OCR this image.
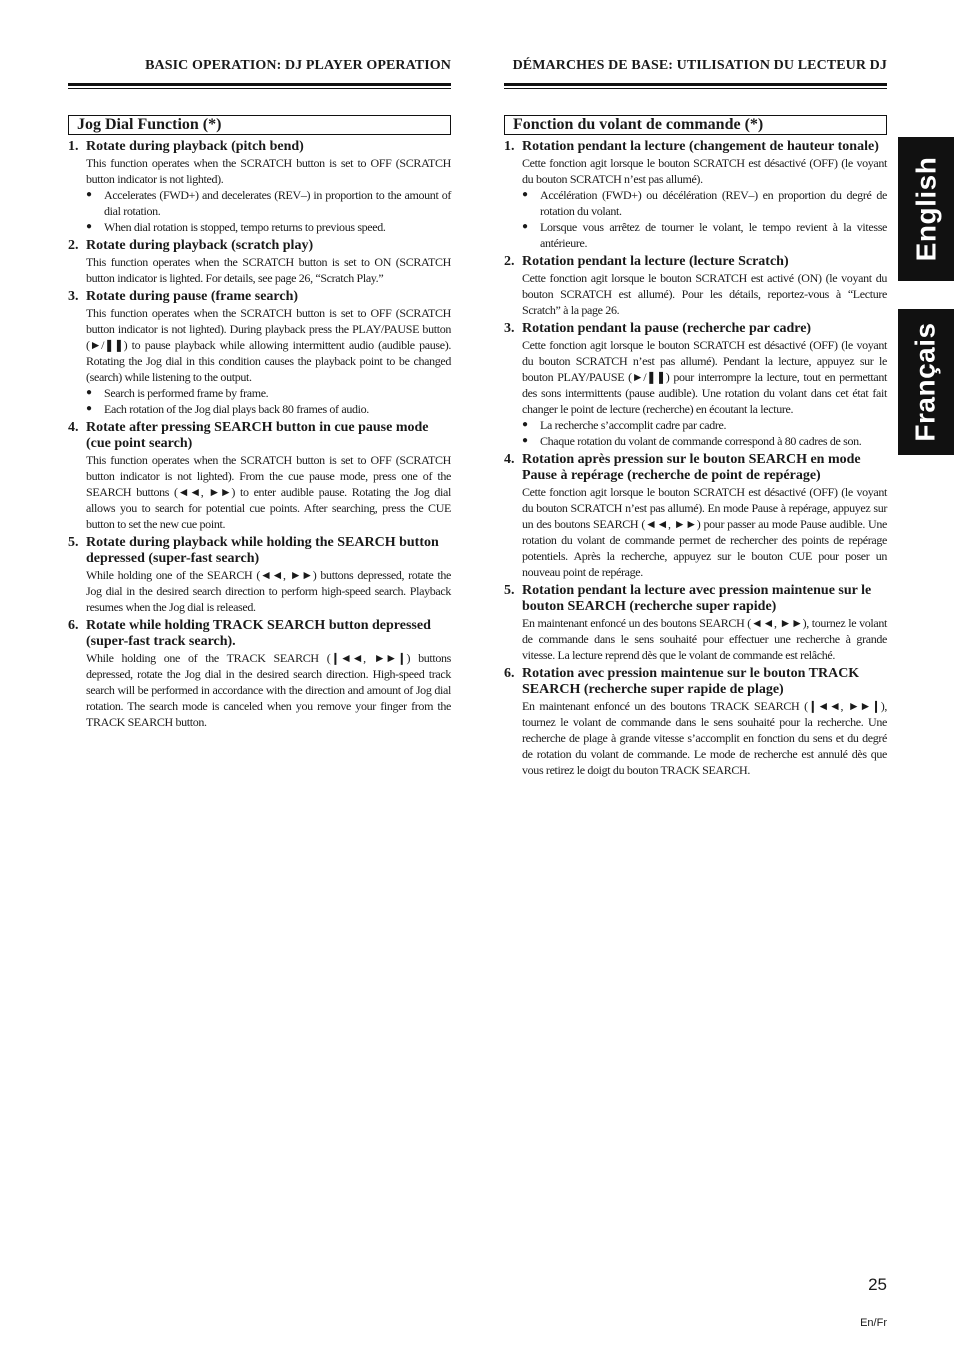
BASIC OPERATION: DJ PLAYER OPERATION
Jog Dial Function (*)
1. Rotate during playback (pitch bend)
This function operates when the SCRATCH button is set to OFF (SCRATCH button indicator is not lighted).
●	Accelerates (FWD+) and decelerates (REV–) in proportion to the amount of dial rotation.
●	When dial rotation is stopped, tempo returns to previous speed.
2. Rotate during playback (scratch play)
This function operates when the SCRATCH button is set to ON (SCRATCH button indicator is lighted. For details, see page 26, “Scratch Play.”
3. Rotate during pause (frame search)
This function operates when the SCRATCH button is set to OFF (SCRATCH button indicator is not lighted). During playback press the PLAY/PAUSE button (►/❚❚) to pause playback while allowing intermittent audio (audible pause). Rotating the Jog dial in this condition causes the playback point to be changed (search) while listening to the output.
●	Search is performed frame by frame.
●	Each rotation of the Jog dial plays back 80 frames of audio.
4. Rotate after pressing SEARCH button in cue pause mode (cue point search)
This function operates when the SCRATCH button is set to OFF (SCRATCH button indicator is not lighted). From the cue pause mode, press one of the SEARCH buttons (◄◄, ►►) to enter audible pause. Rotating the Jog dial allows you to search for potential cue points. After searching, press the CUE button to set the new cue point.
5. Rotate during playback while holding the SEARCH button depressed (super-fast search)
While holding one of the SEARCH (◄◄, ►►) buttons depressed, rotate the Jog dial in the desired search direction to perform high-speed search. Playback resumes when the Jog dial is released.
6. Rotate while holding TRACK SEARCH button depressed (super-fast track search).
While holding one of the TRACK SEARCH (❙◄◄, ►►❙) buttons depressed, rotate the Jog dial in the desired search direction. High-speed track search will be performed in accordance with the direction and amount of Jog dial rotation. The search mode is canceled when you remove your finger from the TRACK SEARCH button.
DÉMARCHES DE BASE: UTILISATION DU LECTEUR DJ
Fonction du volant de commande (*)
1. Rotation pendant la lecture (changement de hauteur tonale)
Cette fonction agit lorsque le bouton SCRATCH est désactivé (OFF) (le voyant du bouton SCRATCH n’est pas allumé).
●	Accélération (FWD+) ou décélération (REV–) en proportion du degré de rotation du volant.
●	Lorsque vous arrêtez de tourner le volant, le tempo revient à la vitesse antérieure.
2. Rotation pendant la lecture (lecture Scratch)
Cette fonction agit lorsque le bouton SCRATCH est activé (ON) (le voyant du bouton SCRATCH est allumé). Pour les détails, reportez-vous à “Lecture Scratch” à la page 26.
3. Rotation pendant la pause (recherche par cadre)
Cette fonction agit lorsque le bouton SCRATCH est désactivé (OFF) (le voyant du bouton SCRATCH n’est pas allumé). Pendant la lecture, appuyez sur le bouton PLAY/PAUSE (►/❚❚) pour interrompre la lecture, tout en permettant des sons intermittents (pause audible). Une rotation du volant dans cet état fait changer le point de lecture (recherche) en écoutant la lecture.
●	La recherche s’accomplit cadre par cadre.
●	Chaque rotation du volant de commande correspond à 80 cadres de son.
4. Rotation après pression sur le bouton SEARCH en mode Pause à repérage (recherche de point de repérage)
Cette fonction agit lorsque le bouton SCRATCH est désactivé (OFF) (le voyant du bouton SCRATCH n’est pas allumé). En mode Pause à repérage, appuyez sur un des boutons SEARCH (◄◄, ►►) pour passer au mode Pause audible. Une rotation du volant de commande permet de rechercher des points de repérage potentiels. Après la recherche, appuyez sur le bouton CUE pour poser un nouveau point de repérage.
5. Rotation pendant la lecture avec pression maintenue sur le bouton SEARCH (recherche super rapide)
En maintenant enfoncé un des boutons SEARCH (◄◄, ►►), tournez le volant de commande dans le sens souhaité pour effectuer une recherche à grande vitesse. La lecture reprend dès que le volant de commande est relâché.
6. Rotation avec pression maintenue sur le bouton TRACK SEARCH (recherche super rapide de plage)
En maintenant enfoncé un des boutons TRACK SEARCH (❙◄◄, ►►❙), tournez le volant de commande dans le sens souhaité pour la recherche. Une recherche de plage à grande vitesse s’accomplit en fonction du sens et du degré de rotation du volant de commande. Le mode de recherche est annulé dès que vous retirez le doigt du bouton TRACK SEARCH.
English
Français
25
En/Fr
